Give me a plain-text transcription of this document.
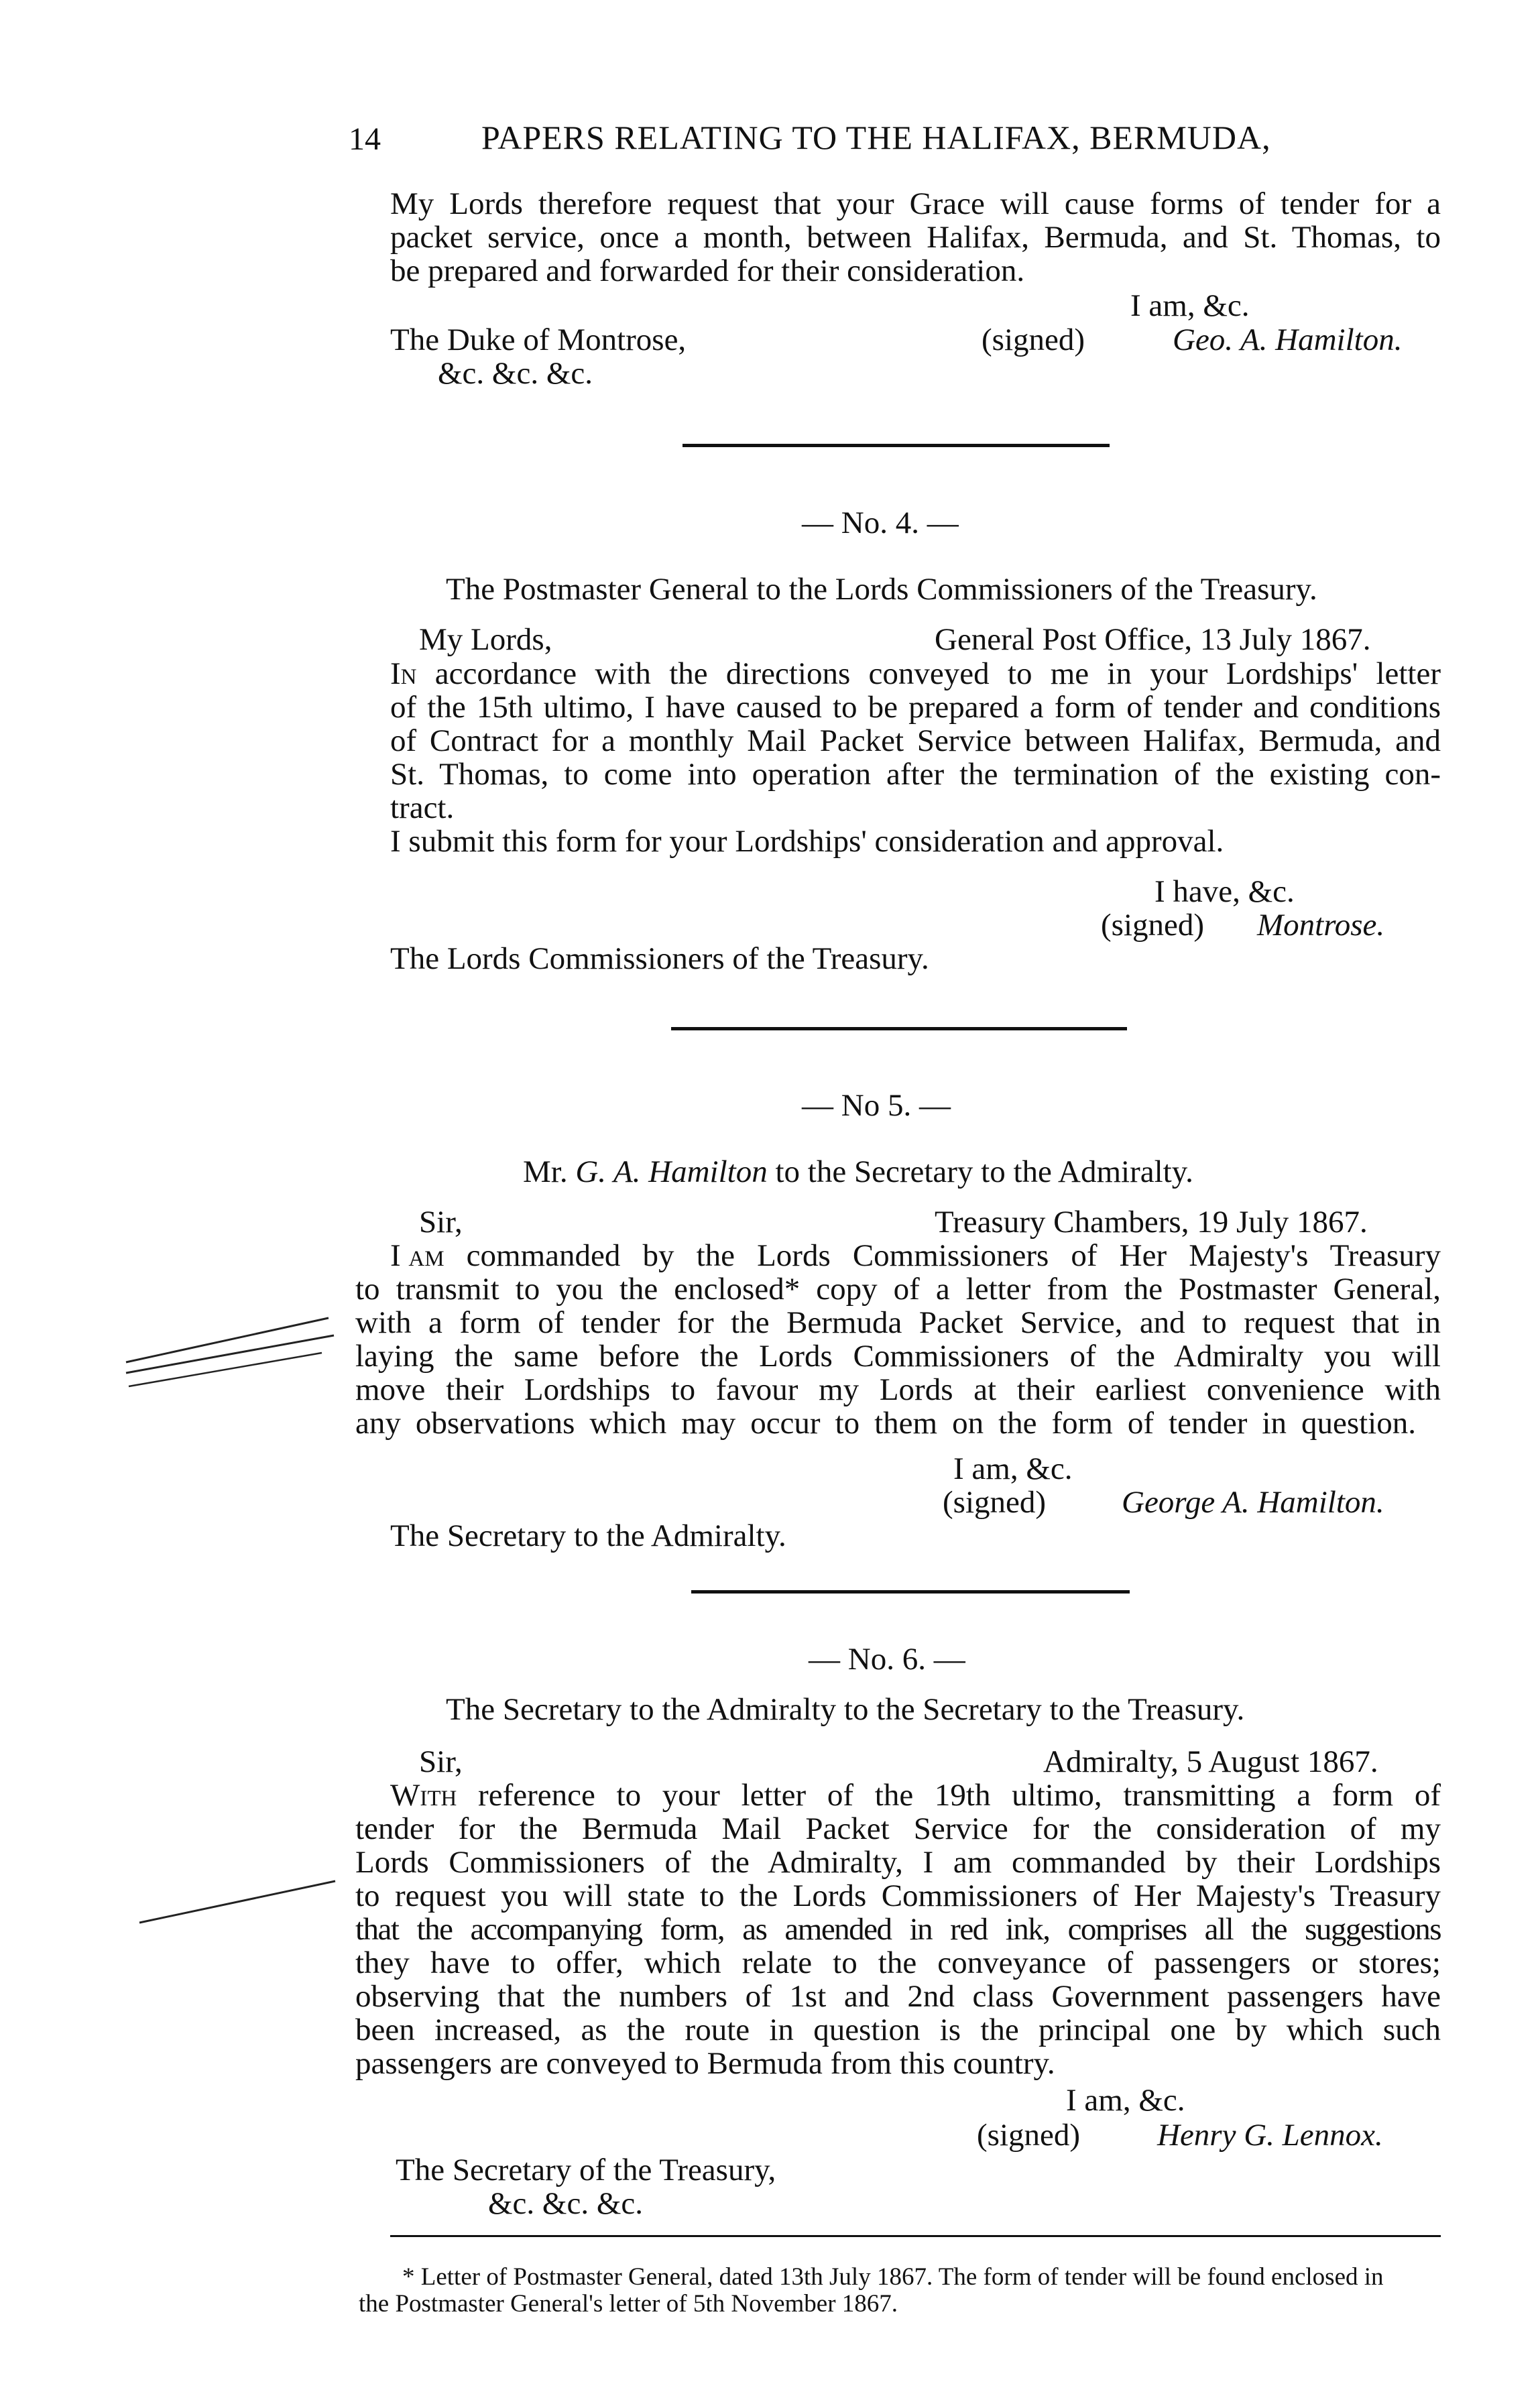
14	PAPERS RELATING TO THE HALIFAX, BERMUDA,
My Lords therefore request that your Grace will cause forms of tender for a
packet service, once a month, between Halifax, Bermuda, and St. Thomas, to
be prepared and forwarded for their consideration.
I am, &c.
The Duke of Montrose,	(signed)	Geo. A. Hamilton.
&c. &c. &c.
— No. 4. —
The Postmaster General to the Lords Commissioners of the Treasury.
My Lords,	General Post Office, 13 July 1867.
In accordance with the directions conveyed to me in your Lordships' letter
of the 15th ultimo, I have caused to be prepared a form of tender and conditions
of Contract for a monthly Mail Packet Service between Halifax, Bermuda, and
St. Thomas, to come into operation after the termination of the existing con-
tract.
I submit this form for your Lordships' consideration and approval.
I have, &c.
(signed) Montrose.
The Lords Commissioners of the Treasury.
— No 5. —
Mr. G. A. Hamilton to the Secretary to the Admiralty.
Sir,	Treasury Chambers, 19 July 1867.
I am commanded by the Lords Commissioners of Her Majesty's Treasury
to transmit to you the enclosed* copy of a letter from the Postmaster General,
with a form of tender for the Bermuda Packet Service, and to request that in
laying the same before the Lords Commissioners of the Admiralty you will
move their Lordships to favour my Lords at their earliest convenience with
any observations which may occur to them on the form of tender in question.
I am, &c.
(signed) George A. Hamilton.
The Secretary to the Admiralty.
— No. 6. —
The Secretary to the Admiralty to the Secretary to the Treasury.
Sir,	Admiralty, 5 August 1867.
With reference to your letter of the 19th ultimo, transmitting a form of
tender for the Bermuda Mail Packet Service for the consideration of my
Lords Commissioners of the Admiralty, I am commanded by their Lordships
to request you will state to the Lords Commissioners of Her Majesty's Treasury
that the accompanying form, as amended in red ink, comprises all the suggestions
they have to offer, which relate to the conveyance of passengers or stores;
observing that the numbers of 1st and 2nd class Government passengers have
been increased, as the route in question is the principal one by which such
passengers are conveyed to Bermuda from this country.
I am, &c.
(signed) Henry G. Lennox.
The Secretary of the Treasury,
&c. &c. &c.
* Letter of Postmaster General, dated 13th July 1867. The form of tender will be found enclosed in
the Postmaster General's letter of 5th November 1867.
